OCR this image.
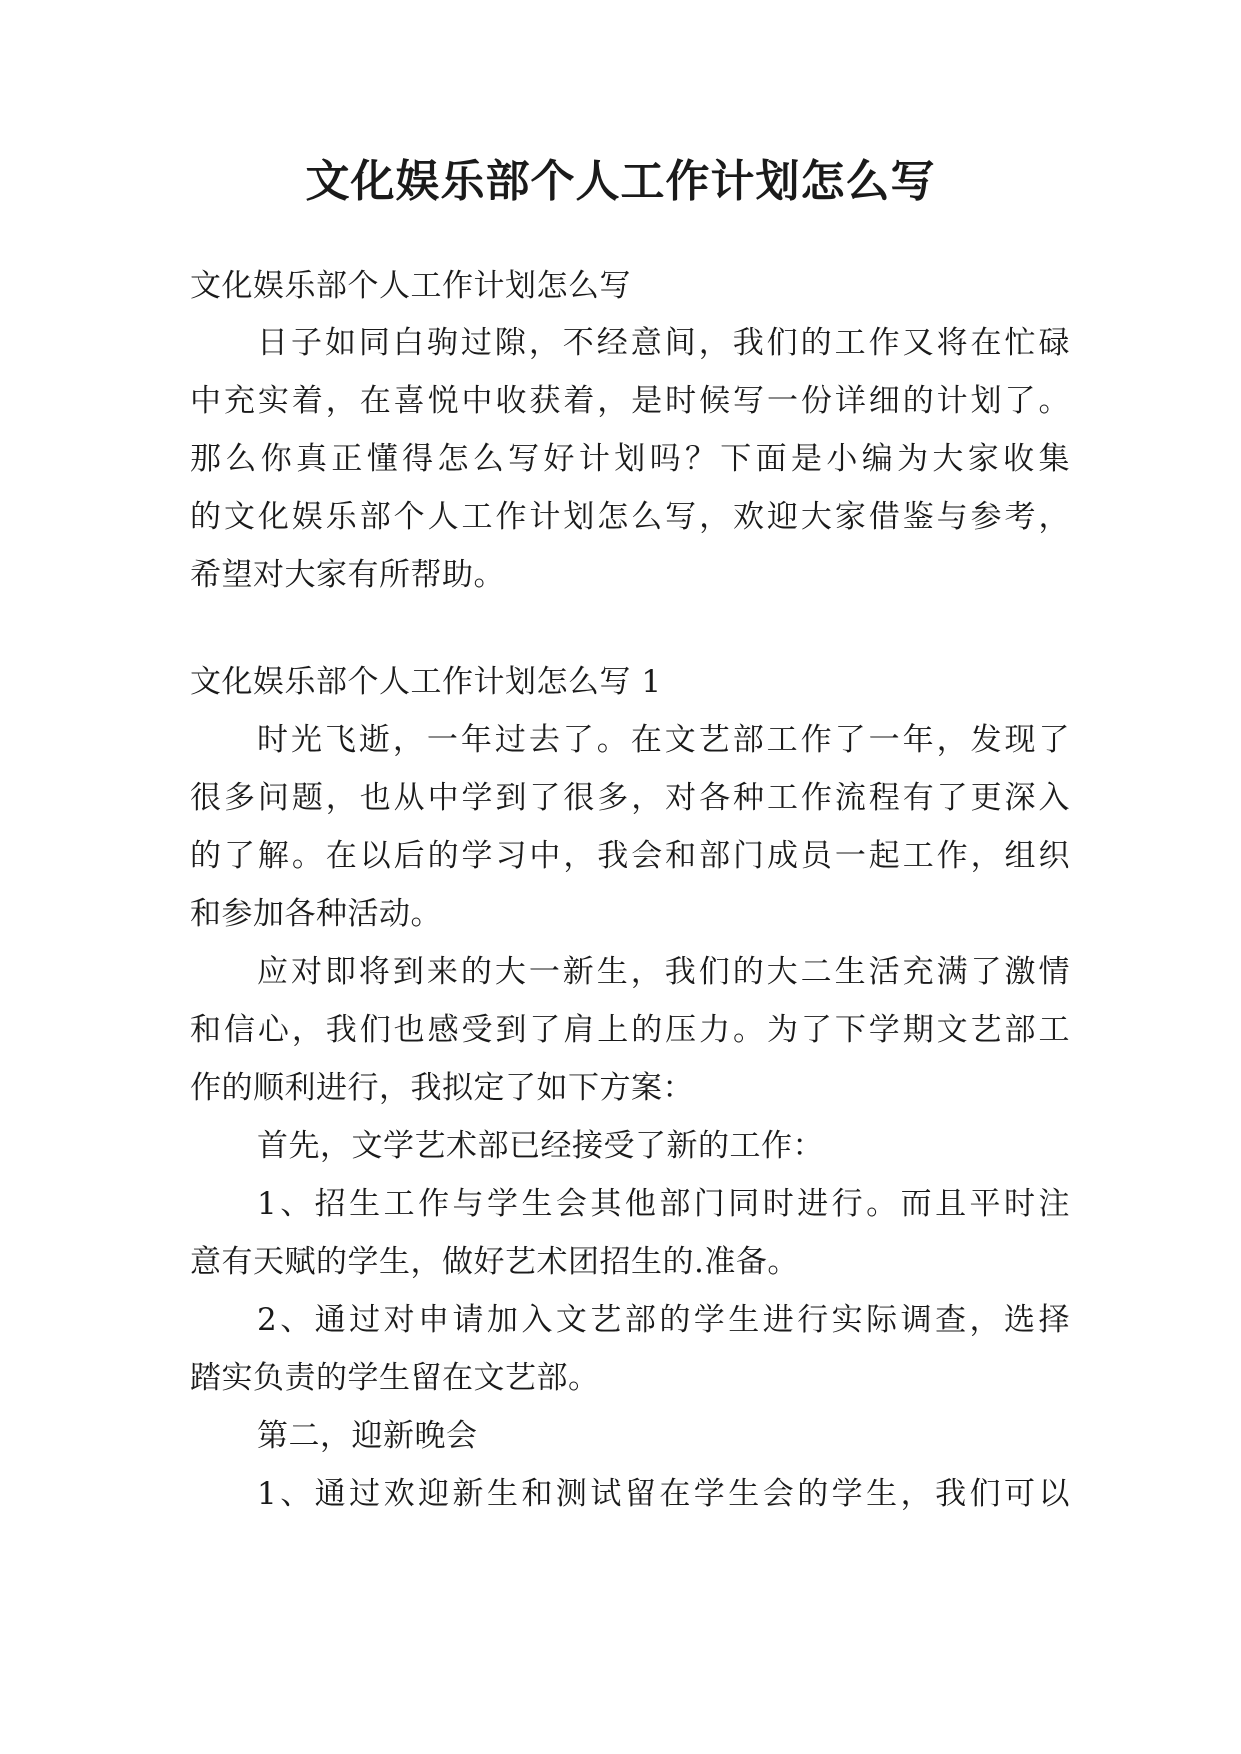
文化娱乐部个人工作计划怎么写
文化娱乐部个人工作计划怎么写
日子如同白驹过隙，不经意间，我们的工作又将在忙碌
中充实着，在喜悦中收获着，是时候写一份详细的计划了。
那么你真正懂得怎么写好计划吗？下面是小编为大家收集
的文化娱乐部个人工作计划怎么写，欢迎大家借鉴与参考，
希望对大家有所帮助。
文化娱乐部个人工作计划怎么写 1
时光飞逝，一年过去了。在文艺部工作了一年，发现了
很多问题，也从中学到了很多，对各种工作流程有了更深入
的了解。在以后的学习中，我会和部门成员一起工作，组织
和参加各种活动。
应对即将到来的大一新生，我们的大二生活充满了激情
和信心，我们也感受到了肩上的压力。为了下学期文艺部工
作的顺利进行，我拟定了如下方案：
首先，文学艺术部已经接受了新的工作：
1、招生工作与学生会其他部门同时进行。而且平时注
意有天赋的学生，做好艺术团招生的.准备。
2、通过对申请加入文艺部的学生进行实际调查，选择
踏实负责的学生留在文艺部。
第二，迎新晚会
1、通过欢迎新生和测试留在学生会的学生，我们可以
